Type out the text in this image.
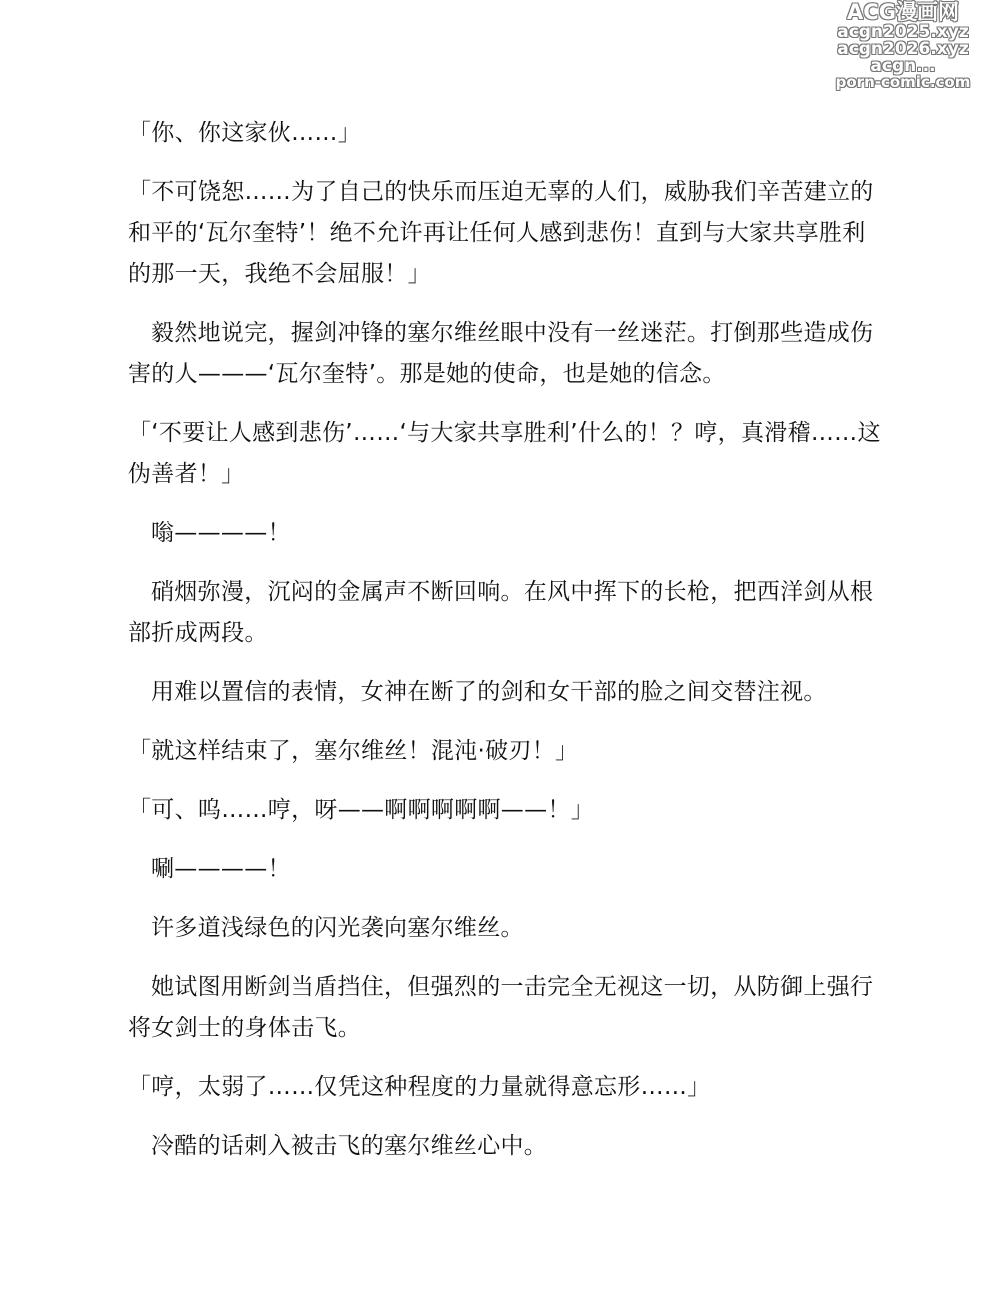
ACG漫画网
acgn2025.xyz
acgn2026.xyz
acgn...
porn-comic.com

「你、你这家伙……」

「不可饶恕……为了自己的快乐而压迫无辜的人们，威胁我们辛苦建立的和平的‘瓦尔奎特’！绝不允许再让任何人感到悲伤！直到与大家共享胜利的那一天，我绝不会屈服！」

毅然地说完，握剑冲锋的塞尔维丝眼中没有一丝迷茫。打倒那些造成伤害的人———‘瓦尔奎特’。那是她的使命，也是她的信念。

「‘不要让人感到悲伤’……‘与大家共享胜利’什么的！？哼，真滑稽……这伪善者！」

嗡————！

硝烟弥漫，沉闷的金属声不断回响。在风中挥下的长枪，把西洋剑从根部折成两段。

用难以置信的表情，女神在断了的剑和女干部的脸之间交替注视。

「就这样结束了，塞尔维丝！混沌·破刃！」

「可、呜……哼，呀——啊啊啊啊啊——！」

唰————！

许多道浅绿色的闪光袭向塞尔维丝。

她试图用断剑当盾挡住，但强烈的一击完全无视这一切，从防御上强行将女剑士的身体击飞。

「哼，太弱了……仅凭这种程度的力量就得意忘形……」

冷酷的话刺入被击飞的塞尔维丝心中。
